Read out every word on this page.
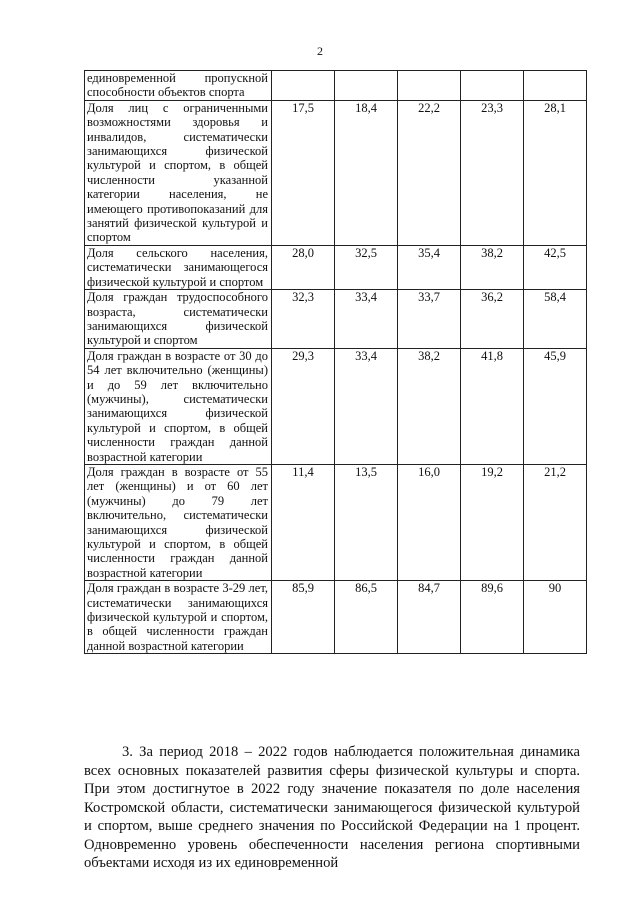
2
единовременной пропускной способности объектов спорта					
Доля лиц с ограниченными возможностями здоровья и инвалидов, систематически занимающихся физической культурой и спортом, в общей численности указанной категории населения, не имеющего противопоказаний для занятий физической культурой и спортом	17,5	18,4	22,2	23,3	28,1
Доля сельского населения, систематически занимающегося физической культурой и спортом	28,0	32,5	35,4	38,2	42,5
Доля граждан трудоспособного возраста, систематически занимающихся физической культурой и спортом	32,3	33,4	33,7	36,2	58,4
Доля граждан в возрасте от 30 до 54 лет включительно (женщины) и до 59 лет включительно (мужчины), систематически занимающихся физической культурой и спортом, в общей численности граждан данной возрастной категории	29,3	33,4	38,2	41,8	45,9
Доля граждан в возрасте от 55 лет (женщины) и от 60 лет (мужчины) до 79 лет включительно, систематически занимающихся физической культурой и спортом, в общей численности граждан данной возрастной категории	11,4	13,5	16,0	19,2	21,2
Доля граждан в возрасте 3-29 лет, систематически занимающихся физической культурой и спортом, в общей численности граждан данной возрастной категории	85,9	86,5	84,7	89,6	90

3. За период 2018 – 2022 годов наблюдается положительная динамика всех основных показателей развития сферы физической культуры и спорта. При этом достигнутое в 2022 году значение показателя по доле населения Костромской области, систематически занимающегося физической культурой и спортом, выше среднего значения по Российской Федерации на 1 процент. Одновременно уровень обеспеченности населения региона спортивными объектами исходя из их единовременной
